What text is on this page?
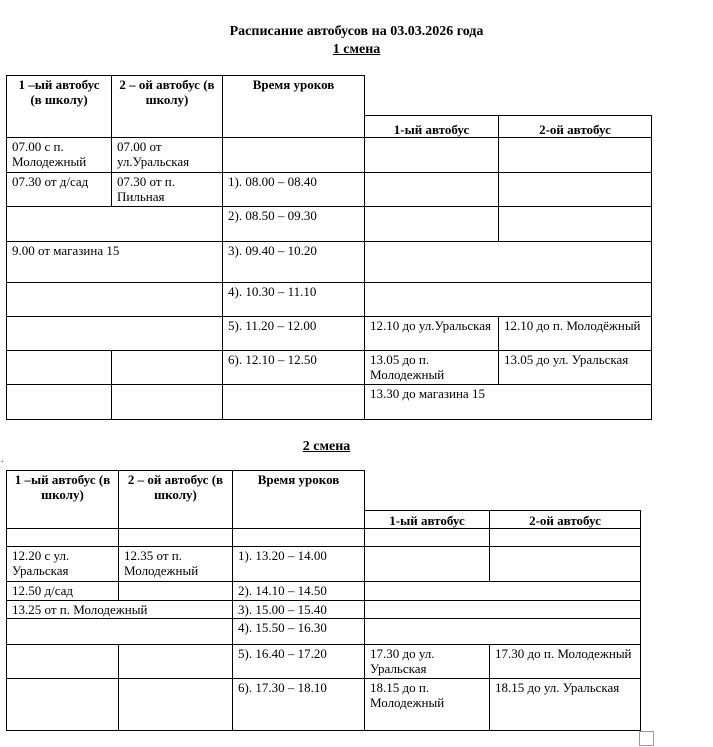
Расписание автобусов на 03.03.2026 года
1 смена
1 –ый автобус (в школу)	2 – ой автобус (в школу)	Время уроков		
			1-ый автобус	2-ой автобус
07.00 с п. Молодежный	07.00 от ул.Уральская			
07.30 от д/сад	07.30 от п. Пильная	1). 08.00 – 08.40		
		2). 08.50 – 09.30		
9.00 от магазина 15		3). 09.40 – 10.20		
		4). 10.30 – 11.10		
		5). 11.20 – 12.00	12.10 до ул.Уральская	12.10 до п. Молодёжный
		6). 12.10 – 12.50	13.05 до п. Молодежный	13.05 до ул. Уральская
			13.30 до магазина 15	
2 смена
+
1 –ый автобус (в школу)	2 – ой автобус (в школу)	Время уроков		
			1-ый автобус	2-ой автобус

12.20 с ул. Уральская	12.35 от п. Молодежный	1). 13.20 – 14.00		
12.50 д/сад		2). 14.10 – 14.50		
13.25 от п. Молодежный		3). 15.00 – 15.40		
		4). 15.50 – 16.30		
		5). 16.40 – 17.20	17.30 до ул. Уральская	17.30 до п. Молодежный
		6). 17.30 – 18.10	18.15 до п. Молодежный	18.15 до ул. Уральская
